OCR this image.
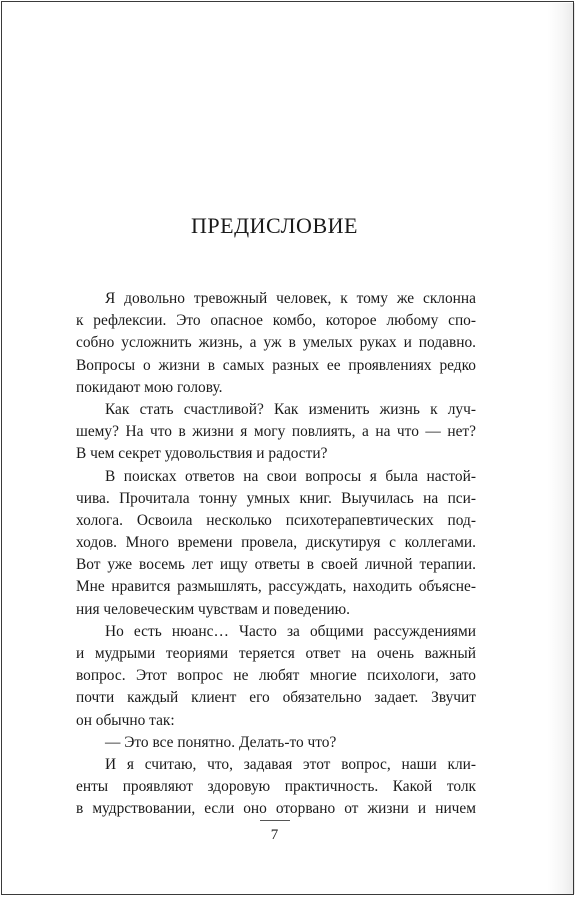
ПРЕДИСЛОВИЕ
Я довольно тревожный человек, к тому же склонна
к рефлексии. Это опасное комбо, которое любому спо-
собно усложнить жизнь, а уж в умелых руках и подавно.
Вопросы о жизни в самых разных ее проявлениях редко
покидают мою голову.
Как стать счастливой? Как изменить жизнь к луч-
шему? На что в жизни я могу повлиять, а на что — нет?
В чем секрет удовольствия и радости?
В поисках ответов на свои вопросы я была настой-
чива. Прочитала тонну умных книг. Выучилась на пси-
холога. Освоила несколько психотерапевтических под-
ходов. Много времени провела, дискутируя с коллегами.
Вот уже восемь лет ищу ответы в своей личной терапии.
Мне нравится размышлять, рассуждать, находить объясне-
ния человеческим чувствам и поведению.
Но есть нюанс… Часто за общими рассуждениями
и мудрыми теориями теряется ответ на очень важный
вопрос. Этот вопрос не любят многие психологи, зато
почти каждый клиент его обязательно задает. Звучит
он обычно так:
— Это все понятно. Делать-то что?
И я считаю, что, задавая этот вопрос, наши кли-
енты проявляют здоровую практичность. Какой толк
в мудрствовании, если оно оторвано от жизни и ничем
7
